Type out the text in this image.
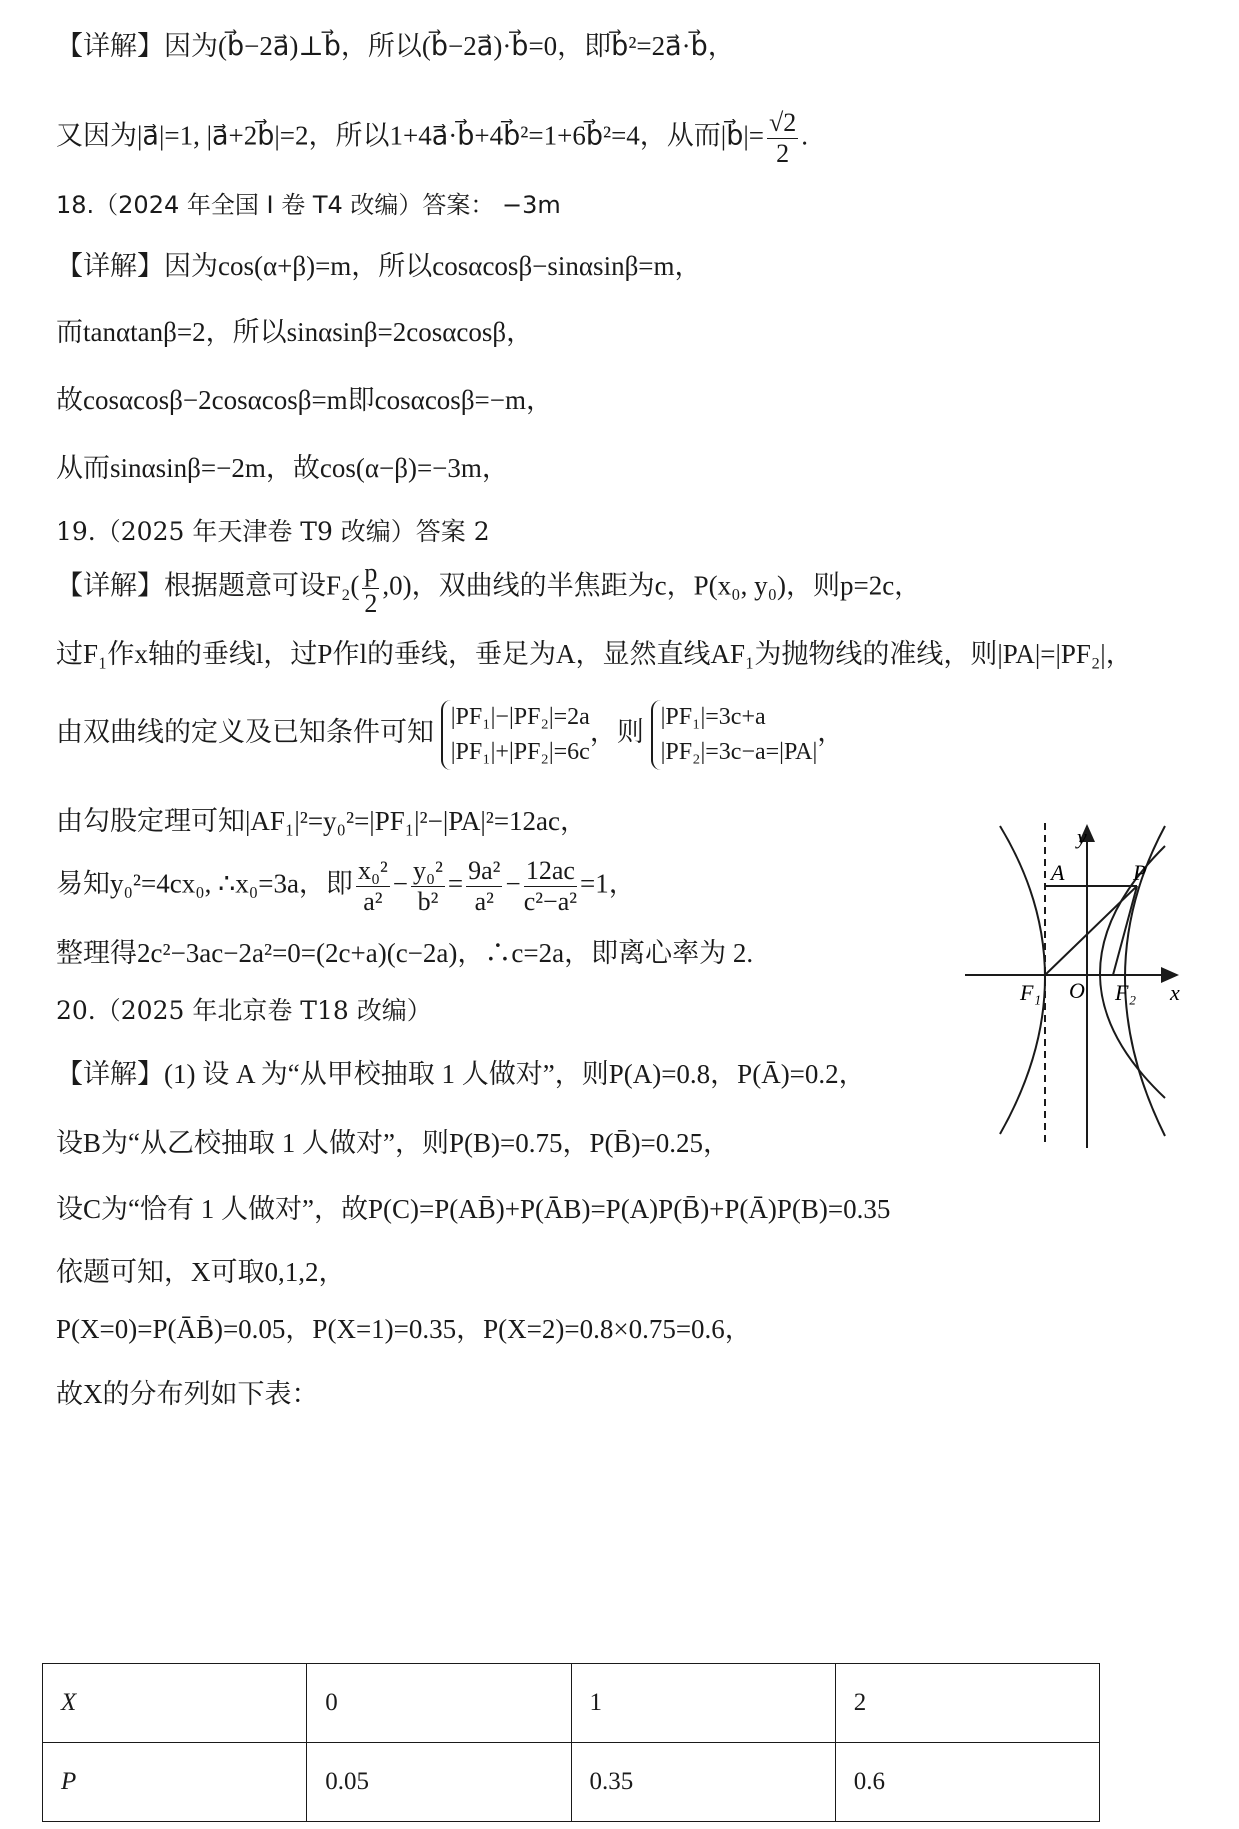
【详解】因为(b⃗−2a⃗)⊥b⃗，所以(b⃗−2a⃗)·b⃗=0，即b⃗²=2a⃗·b⃗，
又因为|a⃗|=1, |a⃗+2b⃗|=2，所以1+4a⃗·b⃗+4b⃗²=1+6b⃗²=4，从而|b⃗|= $\frac{√2}{2}$ .
18.（2024 年全国 I 卷 T4 改编）答案： −3m
【详解】因为cos(α+β)=m，所以cosαcosβ−sinαsinβ=m，
而tanαtanβ=2，所以sinαsinβ=2cosαcosβ，
故cosαcosβ−2cosαcosβ=m即cosαcosβ=−m，
从而sinαsinβ=−2m，故cos(α−β)=−3m，
19.（2025 年天津卷 T9 改编）答案 2
【详解】根据题意可设$F_2( \frac{p}{2} ,0)$，双曲线的半焦距为c，P(x₀, y₀)，则p=2c，
过F₁作x轴的垂线l，过P作l的垂线，垂足为A，显然直线AF₁为抛物线的准线，则|PA|=|PF₂|，
由双曲线的定义及已知条件可知 |PF₁|−|PF₂|=2a
|PF₁|+|PF₂|=6c
，则 |PF₁|=3c+a
|PF₂|=3c−a=|PA|
，
由勾股定理可知|AF₁|²=y₀²=|PF₁|²−|PA|²=12ac，
易知y₀²=4cx₀, ∴x₀=3a，即 $\frac{\text{x₀²}}{\text{a²}} - \frac{\text{y₀²}}{\text{b²}} = \frac{\text{9a²}}{\text{a²}} - \frac{12ac}{\text{c²−a²}} =1$，
整理得2c²−3ac−2a²=0=(2c+a)(c−2a)，∴c=2a，即离心率为 2.
20.（2025 年北京卷 T18 改编）
【详解】(1) 设 A 为“从甲校抽取 1 人做对”，则P(A)=0.8，P(Ā)=0.2，
设B为“从乙校抽取 1 人做对”，则P(B)=0.75，P(B̄)=0.25，
设C为“恰有 1 人做对”，故P(C)=P(AB̄)+P(ĀB)=P(A)P(B̄)+P(Ā)P(B)=0.35
依题可知，X可取0,1,2，
P(X=0)=P(ĀB̄)=0.05，P(X=1)=0.35，P(X=2)=0.8×0.75=0.6，
故X的分布列如下表：
y
x
A	P
F₁ O F₂
X	0	1	2
P	0.05	0.35	0.6
